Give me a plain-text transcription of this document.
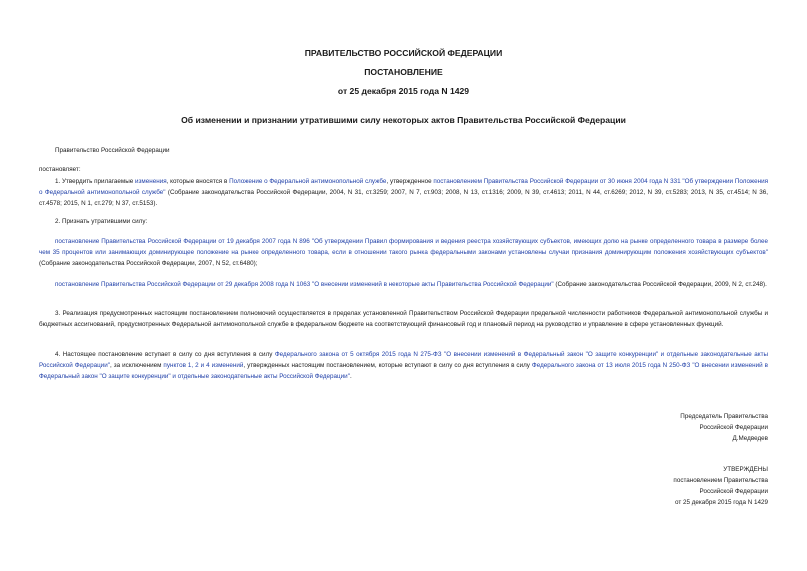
ПРАВИТЕЛЬСТВО РОССИЙСКОЙ ФЕДЕРАЦИИ
ПОСТАНОВЛЕНИЕ
от 25 декабря 2015 года N 1429
Об изменении и признании утратившими силу некоторых актов Правительства Российской Федерации
Правительство Российской Федерации
постановляет:
1. Утвердить прилагаемые изменения, которые вносятся в Положение о Федеральной антимонопольной службе, утвержденное постановлением Правительства Российской Федерации от 30 июня 2004 года N 331 "Об утверждении Положения о Федеральной антимонопольной службе" (Собрание законодательства Российской Федерации, 2004, N 31, ст.3259; 2007, N 7, ст.903; 2008, N 13, ст.1316; 2009, N 39, ст.4613; 2011, N 44, ст.6269; 2012, N 39, ст.5283; 2013, N 35, ст.4514; N 36, ст.4578; 2015, N 1, ст.279; N 37, ст.5153).
2. Признать утратившими силу:
постановление Правительства Российской Федерации от 19 декабря 2007 года N 896 "Об утверждении Правил формирования и ведения реестра хозяйствующих субъектов, имеющих долю на рынке определенного товара в размере более чем 35 процентов или занимающих доминирующее положение на рынке определенного товара, если в отношении такого рынка федеральными законами установлены случаи признания доминирующим положения хозяйствующих субъектов" (Собрание законодательства Российской Федерации, 2007, N 52, ст.6480);
постановление Правительства Российской Федерации от 29 декабря 2008 года N 1063 "О внесении изменений в некоторые акты Правительства Российской Федерации" (Собрание законодательства Российской Федерации, 2009, N 2, ст.248).
3. Реализация предусмотренных настоящим постановлением полномочий осуществляется в пределах установленной Правительством Российской Федерации предельной численности работников Федеральной антимонопольной службы и бюджетных ассигнований, предусмотренных Федеральной антимонопольной службе в федеральном бюджете на соответствующий финансовый год и плановый период на руководство и управление в сфере установленных функций.
4. Настоящее постановление вступает в силу со дня вступления в силу Федерального закона от 5 октября 2015 года N 275-ФЗ "О внесении изменений в Федеральный закон "О защите конкуренции" и отдельные законодательные акты Российской Федерации", за исключением пунктов 1, 2 и 4 изменений, утвержденных настоящим постановлением, которые вступают в силу со дня вступления в силу Федерального закона от 13 июля 2015 года N 250-ФЗ "О внесении изменений в Федеральный закон "О защите конкуренции" и отдельные законодательные акты Российской Федерации".
Председатель Правительства
Российской Федерации
Д.Медведев
УТВЕРЖДЕНЫ
постановлением Правительства
Российской Федерации
от 25 декабря 2015 года N 1429
